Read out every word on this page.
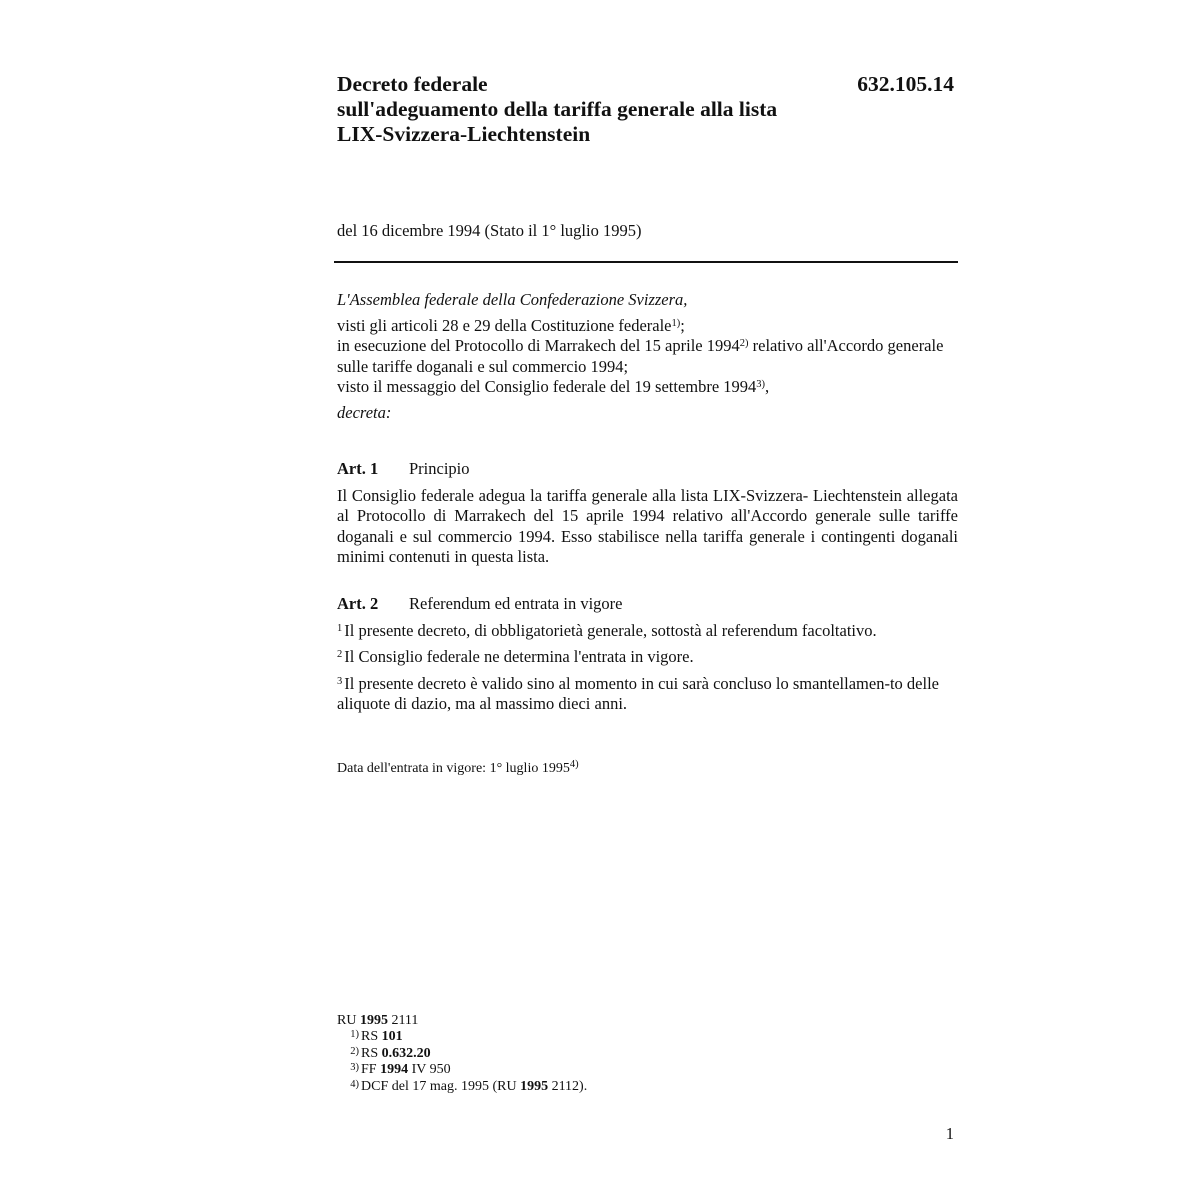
Decreto federale
sull'adeguamento della tariffa generale alla lista
LIX-Svizzera-Liechtenstein
632.105.14
del 16 dicembre 1994 (Stato il 1° luglio 1995)

L'Assemblea federale della Confederazione Svizzera,

visti gli articoli 28 e 29 della Costituzione federale$^{1)}$;

in esecuzione del Protocollo di Marrakech del 15 aprile 1994$^{2)}$ relativo all'Accordo generale sulle tariffe doganali e sul commercio 1994;

visto il messaggio del Consiglio federale del 19 settembre 1994$^{3)}$,

decreta:

Art. 1 Principio

Il Consiglio federale adegua la tariffa generale alla lista LIX-Svizzera- Liechtenstein allegata al Protocollo di Marrakech del 15 aprile 1994 relativo all'Accordo generale sulle tariffe doganali e sul commercio 1994. Esso stabilisce nella tariffa generale i contingenti doganali minimi contenuti in questa lista.

Art. 2 Referendum ed entrata in vigore

$^1$ Il presente decreto, di obbligatorietà generale, sottostà al referendum facoltativo.

$^2$ Il Consiglio federale ne determina l'entrata in vigore.

$^3$ Il presente decreto è valido sino al momento in cui sarà concluso lo smantellamen-to delle aliquote di dazio, ma al massimo dieci anni.

Data dell'entrata in vigore: 1° luglio 1995$^{4)}$

RU 1995 2111

1) RS 101

2) RS 0.632.20

3) FF 1994 IV 950

4) DCF del 17 mag. 1995 (RU 1995 2112).

1
